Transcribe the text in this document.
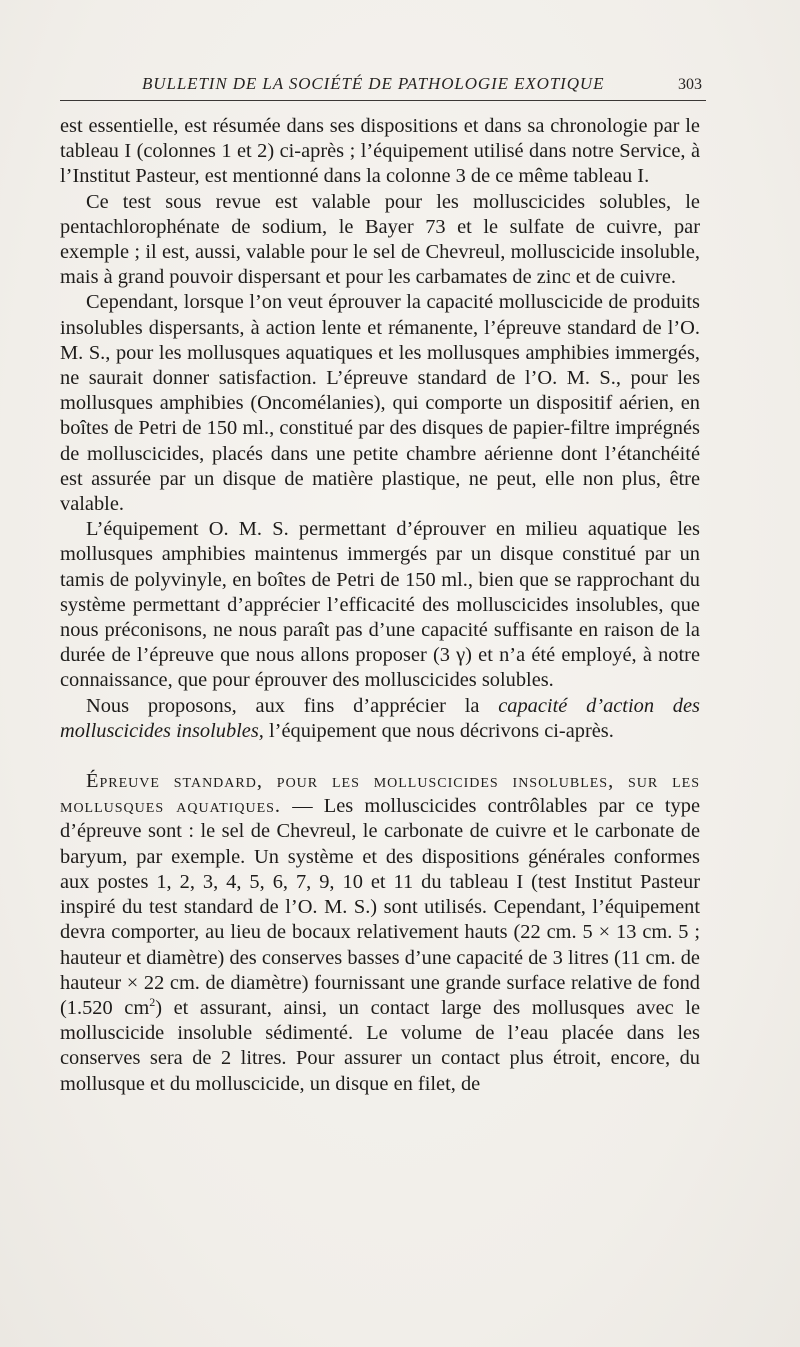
BULLETIN DE LA SOCIÉTÉ DE PATHOLOGIE EXOTIQUE	303

est essentielle, est résumée dans ses dispositions et dans sa chronologie par le tableau I (colonnes 1 et 2) ci-après ; l’équipement utilisé dans notre Service, à l’Institut Pasteur, est mentionné dans la colonne 3 de ce même tableau I.

Ce test sous revue est valable pour les molluscicides solubles, le pentachlorophénate de sodium, le Bayer 73 et le sulfate de cuivre, par exemple ; il est, aussi, valable pour le sel de Chevreul, molluscicide insoluble, mais à grand pouvoir dispersant et pour les carbamates de zinc et de cuivre.

Cependant, lorsque l’on veut éprouver la capacité molluscicide de produits insolubles dispersants, à action lente et rémanente, l’épreuve standard de l’O. M. S., pour les mollusques aquatiques et les mollusques amphibies immergés, ne saurait donner satisfaction. L’épreuve standard de l’O. M. S., pour les mollusques amphibies (Oncomélanies), qui comporte un dispositif aérien, en boîtes de Petri de 150 ml., constitué par des disques de papier-filtre imprégnés de molluscicides, placés dans une petite chambre aérienne dont l’étanchéité est assurée par un disque de matière plastique, ne peut, elle non plus, être valable.

L’équipement O. M. S. permettant d’éprouver en milieu aquatique les mollusques amphibies maintenus immergés par un disque constitué par un tamis de polyvinyle, en boîtes de Petri de 150 ml., bien que se rapprochant du système permettant d’apprécier l’efficacité des molluscicides insolubles, que nous préconisons, ne nous paraît pas d’une capacité suffisante en raison de la durée de l’épreuve que nous allons proposer (3 γ) et n’a été employé, à notre connaissance, que pour éprouver des molluscicides solubles.

Nous proposons, aux fins d’apprécier la capacité d’action des molluscicides insolubles, l’équipement que nous décrivons ci-après.

Épreuve standard, pour les molluscicides insolubles, sur les mollusques aquatiques. — Les molluscicides contrôlables par ce type d’épreuve sont : le sel de Chevreul, le carbonate de cuivre et le carbonate de baryum, par exemple. Un système et des dispositions générales conformes aux postes 1, 2, 3, 4, 5, 6, 7, 9, 10 et 11 du tableau I (test Institut Pasteur inspiré du test standard de l’O. M. S.) sont utilisés. Cependant, l’équipement devra comporter, au lieu de bocaux relativement hauts (22 cm. 5 × 13 cm. 5 ; hauteur et diamètre) des conserves basses d’une capacité de 3 litres (11 cm. de hauteur × 22 cm. de diamètre) fournissant une grande surface relative de fond (1.520 $cm^2$) et assurant, ainsi, un contact large des mollusques avec le molluscicide insoluble sédimenté. Le volume de l’eau placée dans les conserves sera de 2 litres. Pour assurer un contact plus étroit, encore, du mollusque et du molluscicide, un disque en filet, de
